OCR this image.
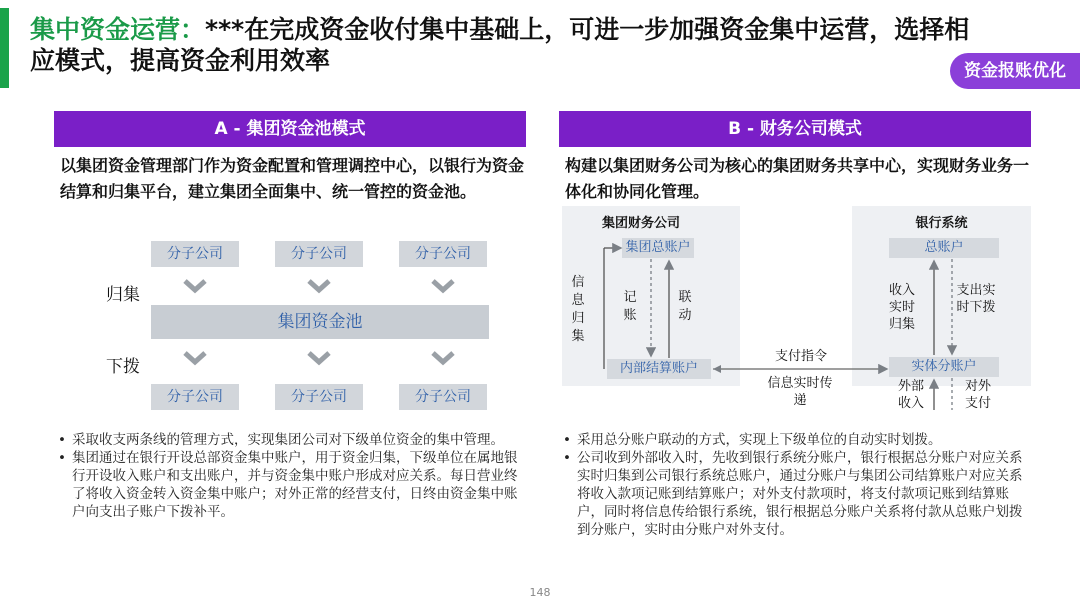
集中资金运营：***在完成资金收付集中基础上，可进一步加强资金集中运营，选择相应模式，提高资金利用效率	资金报账优化
A - 集团资金池模式
以集团资金管理部门作为资金配置和管理调控中心，以银行为资金结算和归集平台，建立集团全面集中、统一管控的资金池。
分子公司	分子公司	分子公司
归集
集团资金池
下拨
分子公司	分子公司	分子公司
• 采取收支两条线的管理方式，实现集团公司对下级单位资金的集中管理。
• 集团通过在银行开设总部资金集中账户，用于资金归集，下级单位在属地银行开设收入账户和支出账户，并与资金集中账户形成对应关系。每日营业终了将收入资金转入资金集中账户；对外正常的经营支付，日终由资金集中账户向支出子账户下拨补平。
B - 财务公司模式
构建以集团财务公司为核心的集团财务共享中心，实现财务业务一体化和协同化管理。
集团财务公司
集团总账户
内部结算账户
信息归集
记账
联动
银行系统
总账户
实体分账户
收入实时归集
支出实时下拨
外部收入
对外支付
支付指令
信息实时传递
• 采用总分账户联动的方式，实现上下级单位的自动实时划拨。
• 公司收到外部收入时，先收到银行系统分账户，银行根据总分账户对应关系实时归集到公司银行系统总账户，通过分账户与集团公司结算账户对应关系将收入款项记账到结算账户；对外支付款项时，将支付款项记账到结算账户，同时将信息传给银行系统，银行根据总分账户关系将付款从总账户划拨到分账户，实时由分账户对外支付。
148
